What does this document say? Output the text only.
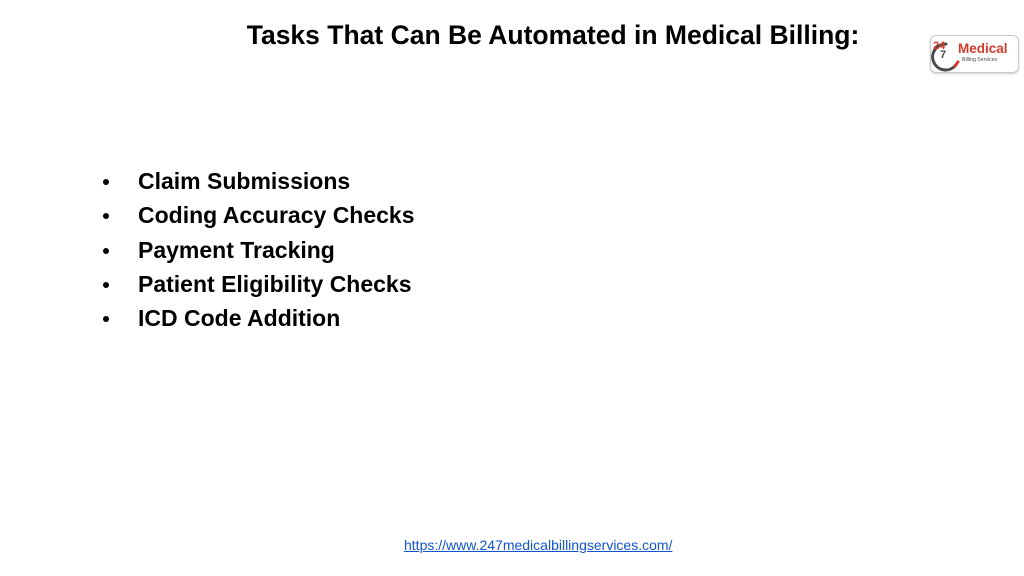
Tasks That Can Be Automated in Medical Billing:	24
7 Medical
Billing Services
Claim Submissions
Coding Accuracy Checks
Payment Tracking
Patient Eligibility Checks
ICD Code Addition
https://www.247medicalbillingservices.com/
